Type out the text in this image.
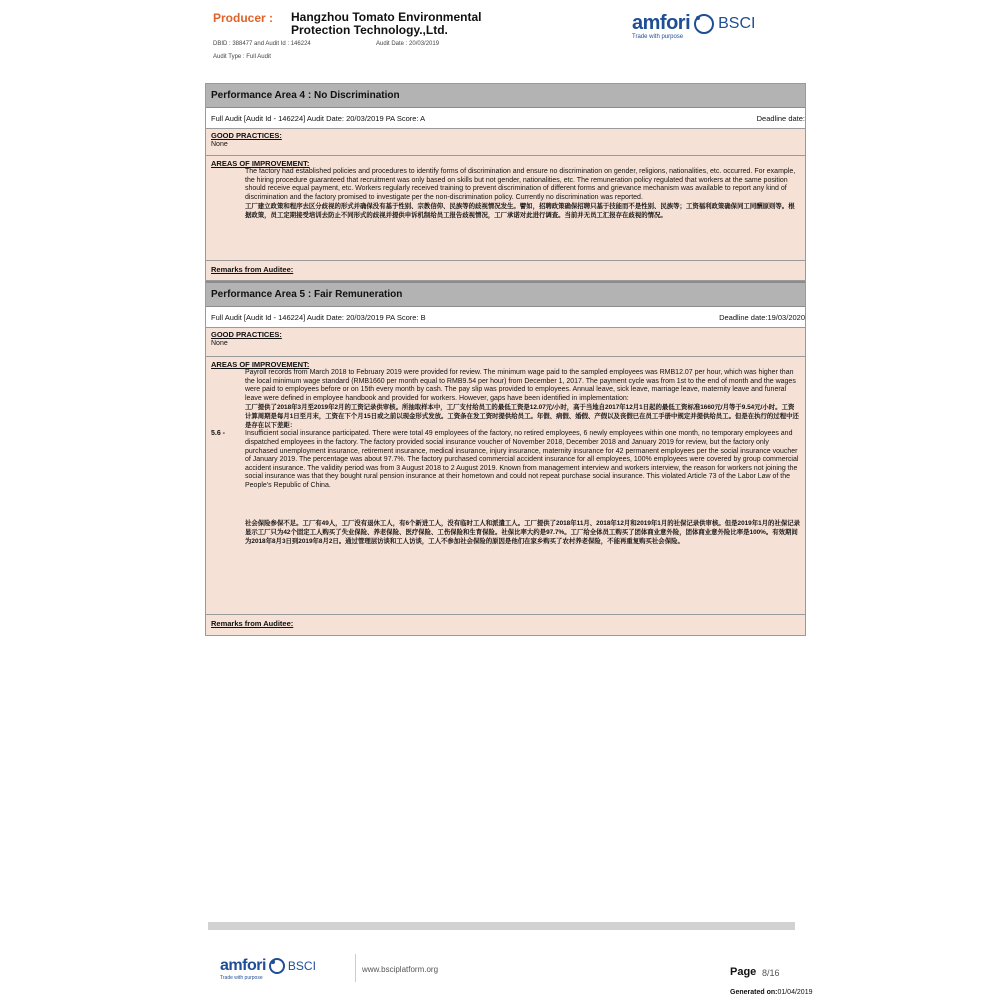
Producer : Hangzhou Tomato Environmental Protection Technology.,Ltd.
DBID : 388477 and Audit Id : 146224	Audit Date : 20/03/2019
Audit Type : Full Audit
amfori BSCI
Trade with purpose
Performance Area 4 : No Discrimination
Full Audit [Audit Id - 146224] Audit Date: 20/03/2019 PA Score: A	Deadline date:
GOOD PRACTICES:
None
AREAS OF IMPROVEMENT:
The factory had established policies and procedures to identify forms of discrimination and ensure no discrimination on gender, religions, nationalities, etc. occurred. For example, the hiring procedure guaranteed that recruitment was only based on skills but not gender, nationalities, etc. The remuneration policy regulated that workers at the same position should receive equal payment, etc. Workers regularly received training to prevent discrimination of different forms and grievance mechanism was available to report any kind of discrimination and the factory promised to investigate per the non-discrimination policy. Currently no discrimination was reported.
工厂建立政策和程序去区分歧视的形式并确保没有基于性别、宗教信仰、民族等的歧视情况发生。譬如，招聘政策确保招聘只基于技能而不是性别、民族等；工资福利政策确保同工同酬原则等。根据政策，员工定期接受培训去防止不同形式的歧视并提供申诉机制给员工报告歧视情况，工厂承诺对此进行调查。当前并无员工汇报存在歧视的情况。
Remarks from Auditee:
Performance Area 5 : Fair Remuneration
Full Audit [Audit Id - 146224] Audit Date: 20/03/2019 PA Score: B	Deadline date:19/03/2020
GOOD PRACTICES:
None
AREAS OF IMPROVEMENT:
Payroll records from March 2018 to February 2019 were provided for review. The minimum wage paid to the sampled employees was RMB12.07 per hour, which was higher than the local minimum wage standard (RMB1660 per month equal to RMB9.54 per hour) from December 1, 2017. The payment cycle was from 1st to the end of month and the wages were paid to employees before or on 15th every month by cash. The pay slip was provided to employees. Annual leave, sick leave, marriage leave, maternity leave and funeral leave were defined in employee handbook and provided for workers. However, gaps have been identified in implementation:
工厂提供了2018年3月至2019年2月的工资记录供审核。所抽取样本中，工厂支付给员工的最低工资是12.07元/小时，高于当地自2017年12月1日起的最低工资标准1660元/月等于9.54元/小时。工资计算周期是每月1日至月末，工资在下个月15日或之前以现金形式发放。工资条在发工资时提供给员工。年假、病假、婚假、产假以及丧假已在员工手册中规定并提供给员工。但是在执行的过程中还是存在以下差距：
5.6 -	Insufficient social insurance participated. There were total 49 employees of the factory, no retired employees, 6 newly employees within one month, no temporary employees and dispatched employees in the factory. The factory provided social insurance voucher of November 2018, December 2018 and January 2019 for review, but the factory only purchased unemployment insurance, retirement insurance, medical insurance, injury insurance, maternity insurance for 42 permanent employees per the social insurance voucher of January 2019. The percentage was about 97.7%. The factory purchased commercial accident insurance for all employees, 100% employees were covered by group commercial accident insurance. The validity period was from 3 August 2018 to 2 August 2019. Known from management interview and workers interview, the reason for workers not joining the social insurance was that they bought rural pension insurance at their hometown and could not repeat purchase social insurance. This violated Article 73 of the Labor Law of the People's Republic of China.
社会保险参保不足。工厂有49人，工厂没有退休工人，有6个新进工人，没有临时工人和派遣工人。工厂提供了2018年11月、2018年12月和2019年1月的社保记录供审核。但是2019年1月的社保记录显示工厂只为42个固定工人购买了失业保险、养老保险、医疗保险、工伤保险和生育保险。社保比率大约是97.7%。工厂给全体员工购买了团体商业意外险，团体商业意外险比率是100%。有效期间为2018年8月3日到2019年8月2日。通过管理层访谈和工人访谈，工人不参加社会保险的原因是他们在家乡购买了农村养老保险，不能再重复购买社会保险。
Remarks from Auditee:
amfori BSCI
Trade with purpose
www.bsciplatform.org	Page 8/16
Generated on:01/04/2019
